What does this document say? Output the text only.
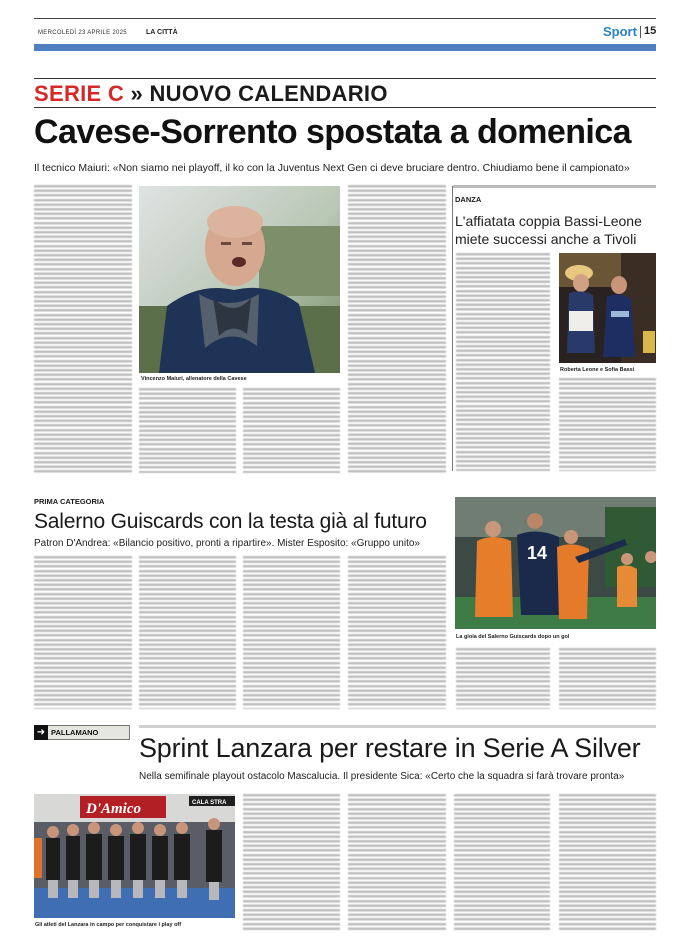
MERCOLEDÌ 23 APRILE 2025	LA CITTÀ	Sport 15
SERIE C » NUOVO CALENDARIO
Cavese-Sorrento spostata a domenica
Il tecnico Maiuri: «Non siamo nei playoff, il ko con la Juventus Next Gen ci deve bruciare dentro. Chiudiamo bene il campionato»
Vincenzo Maiuri, allenatore della Cavese
DANZA
L'affiatata coppia Bassi-Leone miete successi anche a Tivoli
Roberta Leone e Sofia Bassi
PRIMA CATEGORIA
Salerno Guiscards con la testa già al futuro
Patron D'Andrea: «Bilancio positivo, pronti a ripartire». Mister Esposito: «Gruppo unito»	14
La gioia del Salerno Guiscards dopo un gol
➜ PALLAMANO
Sprint Lanzara per restare in Serie A Silver
Nella semifinale playout ostacolo Mascalucia. Il presidente Sica: «Certo che la squadra si farà trovare pronta»
D'Amico	CALA STRA
Gli atleti del Lanzara in campo per conquistare i play off
